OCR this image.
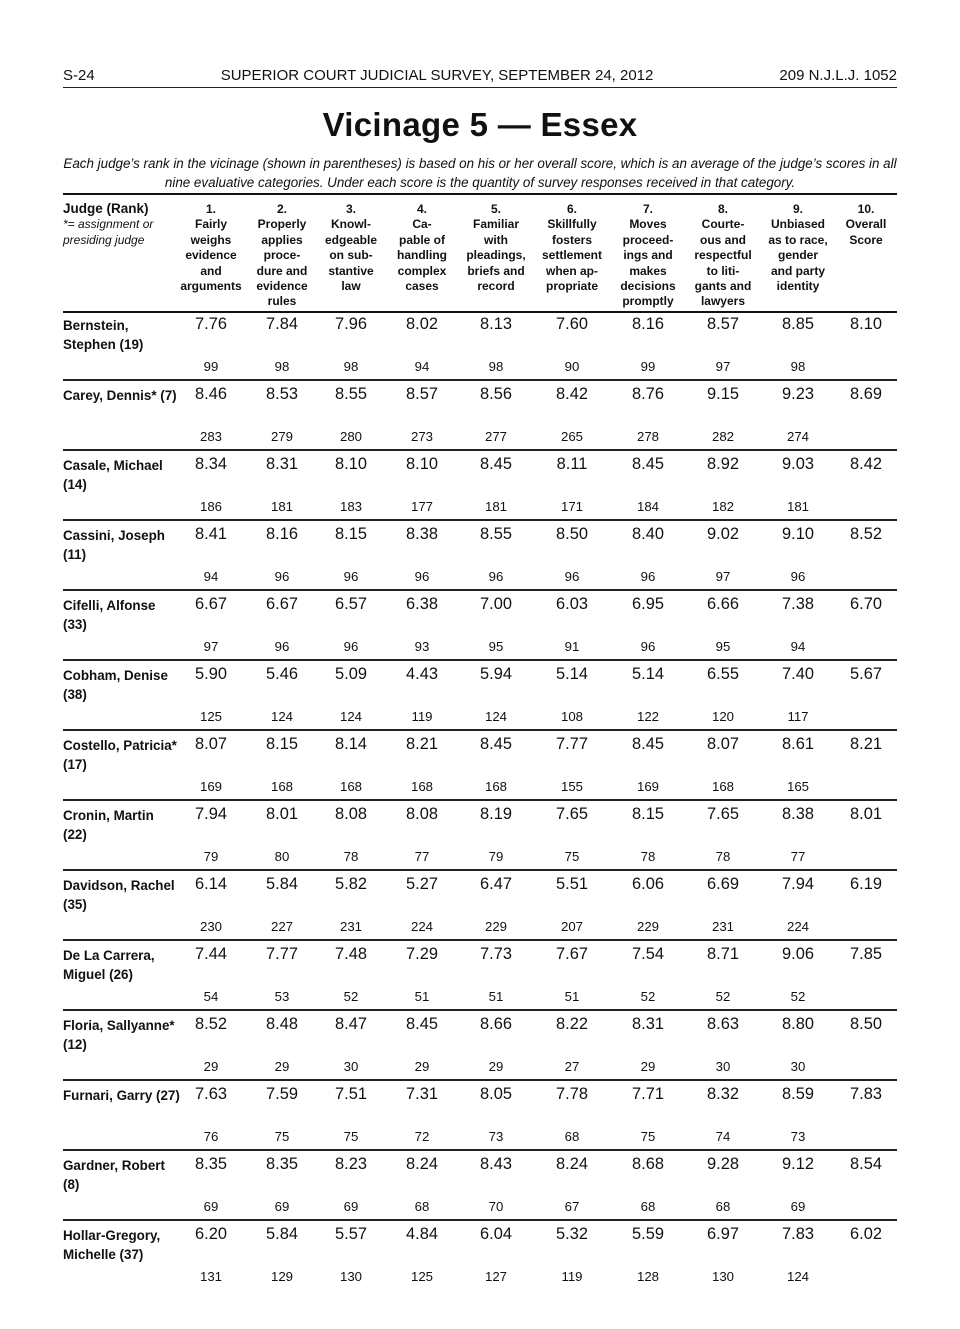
S-24	SUPERIOR COURT JUDICIAL SURVEY, SEPTEMBER 24, 2012	209 N.J.L.J. 1052
Vicinage 5 — Essex
Each judge’s rank in the vicinage (shown in parentheses) is based on his or her overall score, which is an average of the judge’s scores in all nine evaluative categories. Under each score is the quantity of survey responses received in that category.
Judge (Rank)
*= assignment or presiding judge
1.
Fairly
weighs
evidence
and
arguments
2.
Properly
applies
proce-
dure and
evidence
rules
3.
Knowl-
edgeable
on sub-
stantive
law
4.
Ca-
pable of
handling
complex
cases
5.
Familiar
with
pleadings,
briefs and
record
6.
Skillfully
fosters
settlement
when ap-
propriate
7.
Moves
proceed-
ings and
makes
decisions
promptly
8.
Courte-
ous and
respectful
to liti-
gants and
lawyers
9.
Unbiased
as to race,
gender
and party
identity
10.
Overall
Score
Bernstein,
Stephen (19)
7.76	7.84	7.96	8.02	8.13	7.60	8.16	8.57	8.85	8.10
99	98	98	94	98	90	99	97	98
Carey, Dennis* (7)	8.46	8.53	8.55	8.57	8.56	8.42	8.76	9.15	9.23	8.69
283	279	280	273	277	265	278	282	274
Casale, Michael
(14)
8.34	8.31	8.10	8.10	8.45	8.11	8.45	8.92	9.03	8.42
186	181	183	177	181	171	184	182	181
Cassini, Joseph
(11)
8.41	8.16	8.15	8.38	8.55	8.50	8.40	9.02	9.10	8.52
94	96	96	96	96	96	96	97	96
Cifelli, Alfonse
(33)
6.67	6.67	6.57	6.38	7.00	6.03	6.95	6.66	7.38	6.70
97	96	96	93	95	91	96	95	94
Cobham, Denise
(38)
5.90	5.46	5.09	4.43	5.94	5.14	5.14	6.55	7.40	5.67
125	124	124	119	124	108	122	120	117
Costello, Patricia*
(17)
8.07	8.15	8.14	8.21	8.45	7.77	8.45	8.07	8.61	8.21
169	168	168	168	168	155	169	168	165
Cronin, Martin
(22)
7.94	8.01	8.08	8.08	8.19	7.65	8.15	7.65	8.38	8.01
79	80	78	77	79	75	78	78	77
Davidson, Rachel
(35)
6.14	5.84	5.82	5.27	6.47	5.51	6.06	6.69	7.94	6.19
230	227	231	224	229	207	229	231	224
De La Carrera,
Miguel (26)
7.44	7.77	7.48	7.29	7.73	7.67	7.54	8.71	9.06	7.85
54	53	52	51	51	51	52	52	52
Floria, Sallyanne*
(12)
8.52	8.48	8.47	8.45	8.66	8.22	8.31	8.63	8.80	8.50
29	29	30	29	29	27	29	30	30
Furnari, Garry (27) 7.63	7.59	7.51	7.31	8.05	7.78	7.71	8.32	8.59	7.83
76	75	75	72	73	68	75	74	73
Gardner, Robert
(8)
8.35	8.35	8.23	8.24	8.43	8.24	8.68	9.28	9.12	8.54
69	69	69	68	70	67	68	68	69
Hollar-Gregory,
Michelle (37)
6.20	5.84	5.57	4.84	6.04	5.32	5.59	6.97	7.83	6.02
131	129	130	125	127	119	128	130	124
